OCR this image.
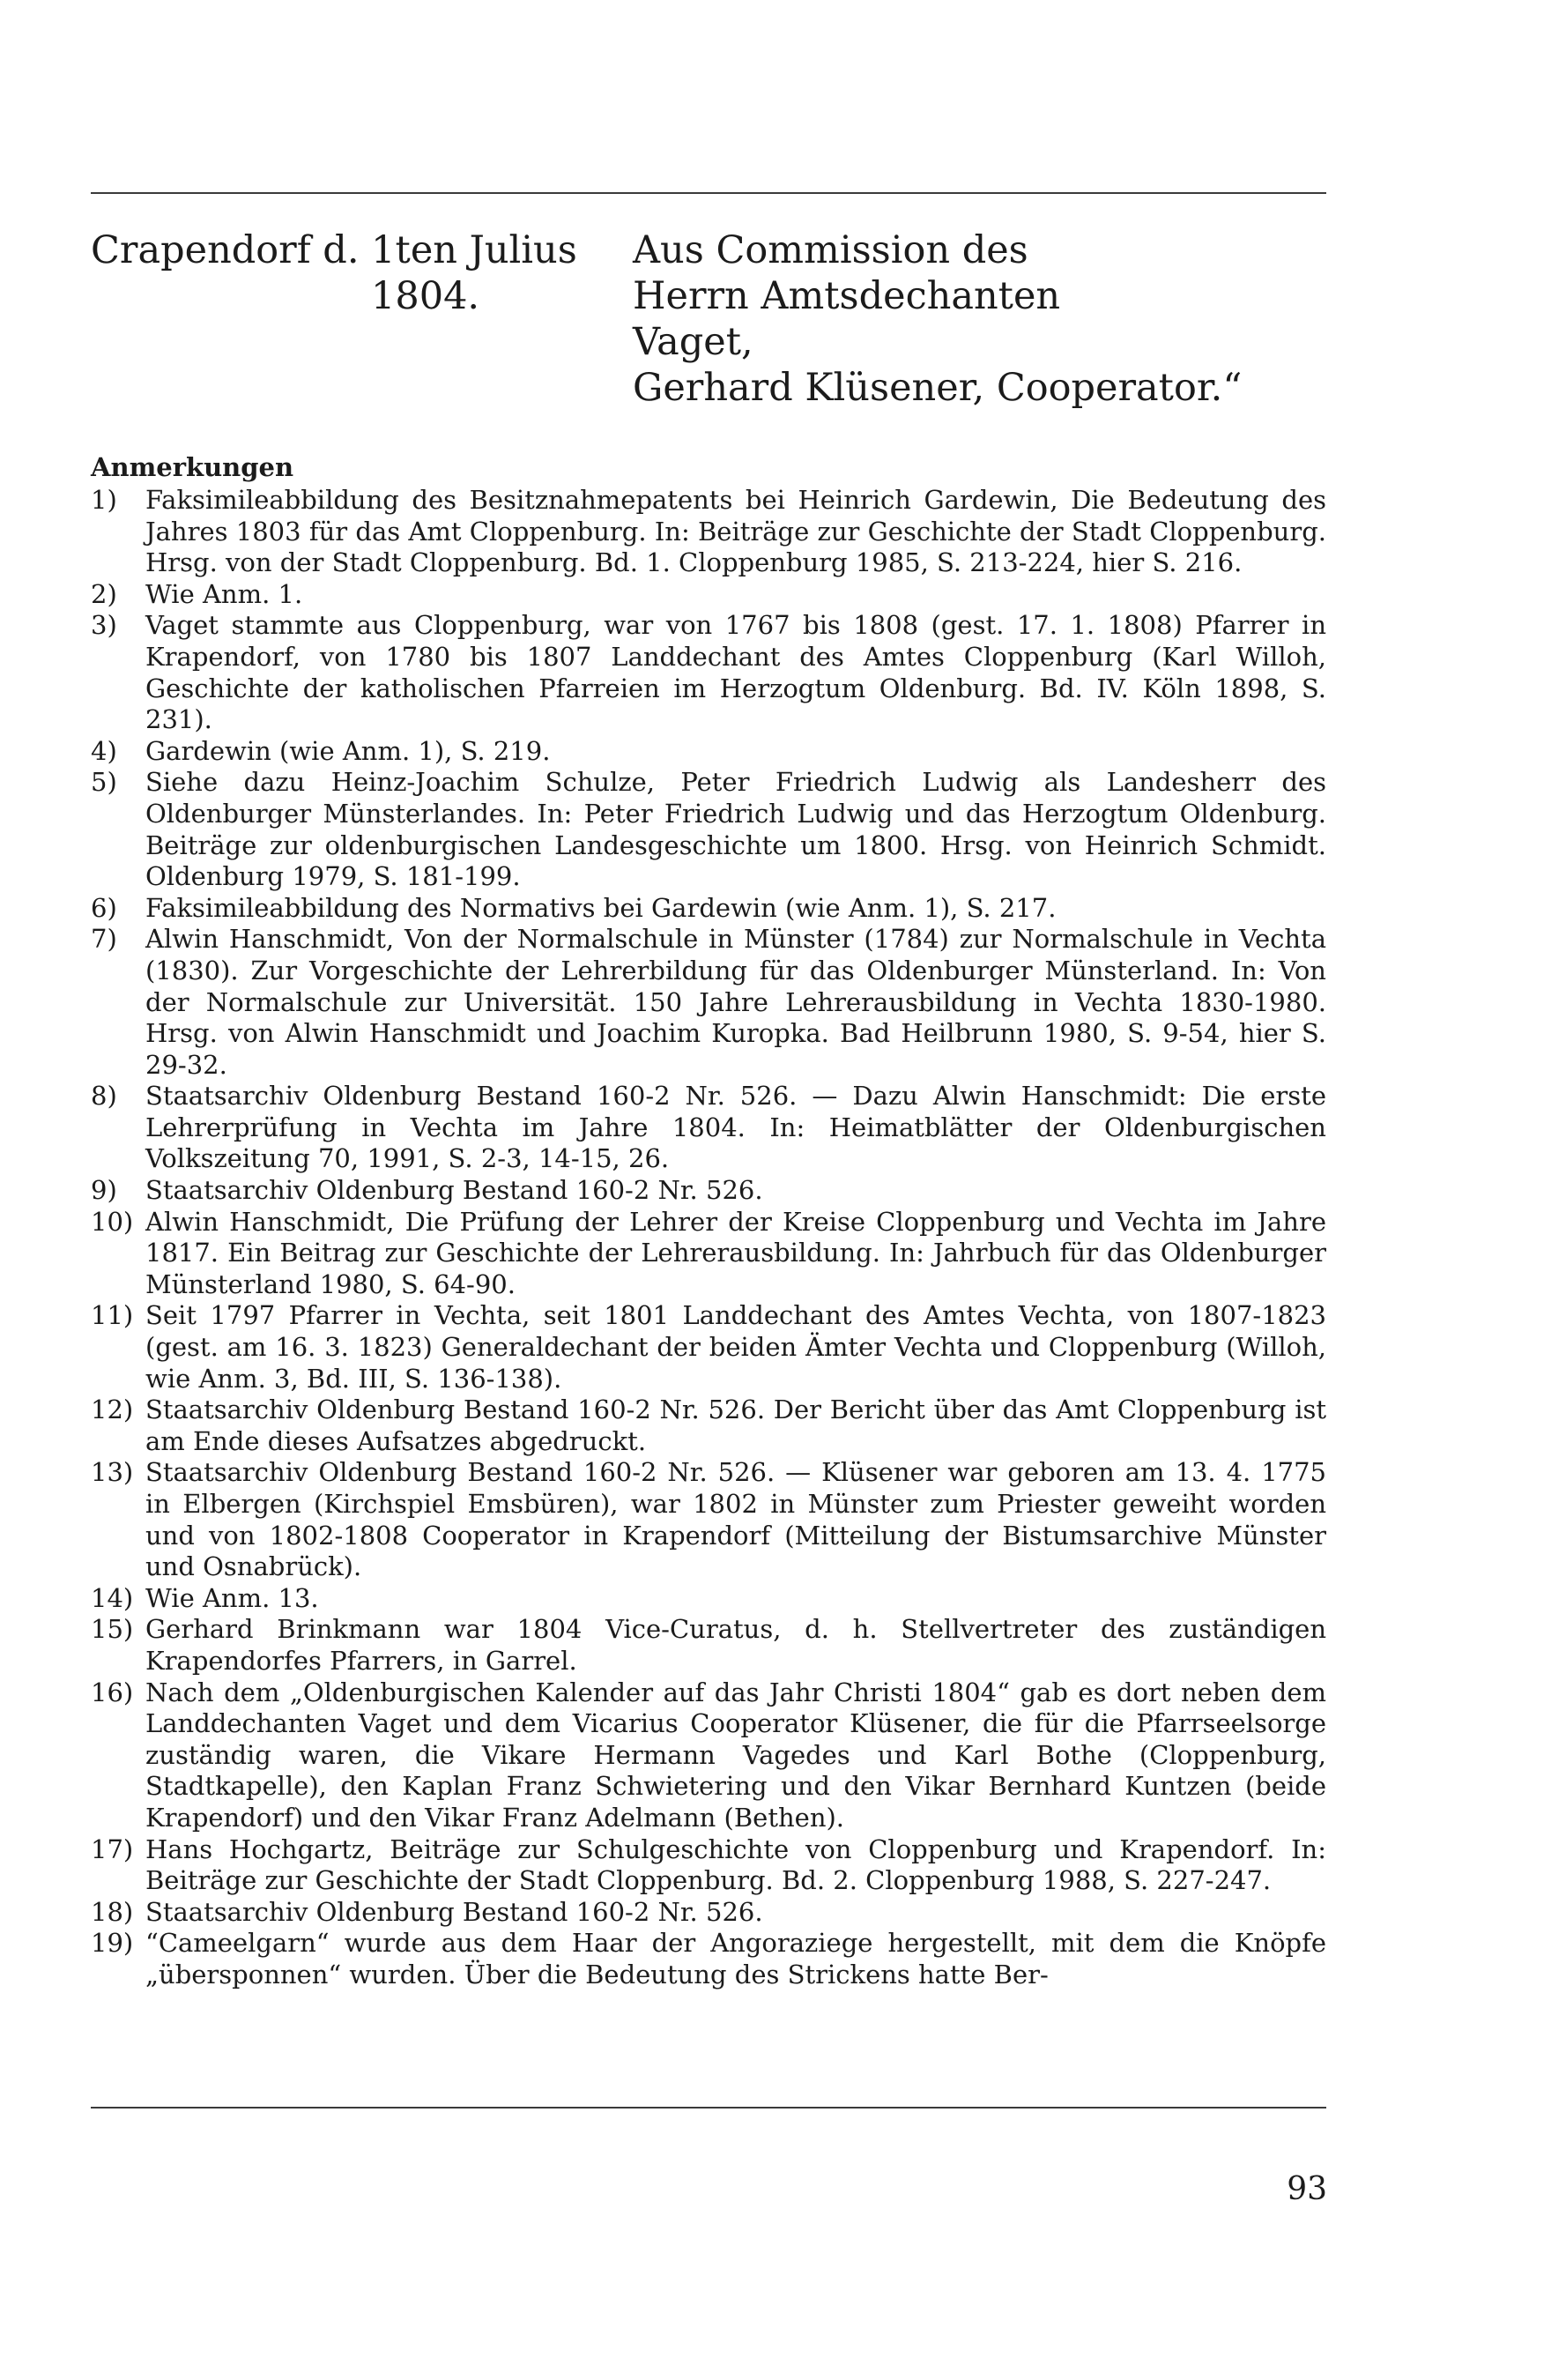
Crapendorf d. 1ten Julius
1804.
Aus Commission des
Herrn Amtsdechanten
Vaget,
Gerhard Klüsener, Cooperator.“
Anmerkungen
1) Faksimileabbildung des Besitznahmepatents bei Heinrich Gardewin, Die Bedeutung des Jahres 1803 für das Amt Cloppenburg. In: Beiträge zur Geschichte der Stadt Cloppenburg. Hrsg. von der Stadt Cloppenburg. Bd. 1. Cloppenburg 1985, S. 213-224, hier S. 216.
2) Wie Anm. 1.
3) Vaget stammte aus Cloppenburg, war von 1767 bis 1808 (gest. 17. 1. 1808) Pfarrer in Krapendorf, von 1780 bis 1807 Landdechant des Amtes Cloppenburg (Karl Willoh, Geschichte der katholischen Pfarreien im Herzogtum Oldenburg. Bd. IV. Köln 1898, S. 231).
4) Gardewin (wie Anm. 1), S. 219.
5) Siehe dazu Heinz-Joachim Schulze, Peter Friedrich Ludwig als Landesherr des Oldenburger Münsterlandes. In: Peter Friedrich Ludwig und das Herzogtum Oldenburg. Beiträge zur oldenburgischen Landesgeschichte um 1800. Hrsg. von Heinrich Schmidt. Oldenburg 1979, S. 181-199.
6) Faksimileabbildung des Normativs bei Gardewin (wie Anm. 1), S. 217.
7) Alwin Hanschmidt, Von der Normalschule in Münster (1784) zur Normalschule in Vechta (1830). Zur Vorgeschichte der Lehrerbildung für das Oldenburger Münsterland. In: Von der Normalschule zur Universität. 150 Jahre Lehrerausbildung in Vechta 1830-1980. Hrsg. von Alwin Hanschmidt und Joachim Kuropka. Bad Heilbrunn 1980, S. 9-54, hier S. 29-32.
8) Staatsarchiv Oldenburg Bestand 160-2 Nr. 526. — Dazu Alwin Hanschmidt: Die erste Lehrerprüfung in Vechta im Jahre 1804. In: Heimatblätter der Oldenburgischen Volkszeitung 70, 1991, S. 2-3, 14-15, 26.
9) Staatsarchiv Oldenburg Bestand 160-2 Nr. 526.
10) Alwin Hanschmidt, Die Prüfung der Lehrer der Kreise Cloppenburg und Vechta im Jahre 1817. Ein Beitrag zur Geschichte der Lehrerausbildung. In: Jahrbuch für das Oldenburger Münsterland 1980, S. 64-90.
11) Seit 1797 Pfarrer in Vechta, seit 1801 Landdechant des Amtes Vechta, von 1807-1823 (gest. am 16. 3. 1823) Generaldechant der beiden Ämter Vechta und Cloppenburg (Willoh, wie Anm. 3, Bd. III, S. 136-138).
12) Staatsarchiv Oldenburg Bestand 160-2 Nr. 526. Der Bericht über das Amt Cloppenburg ist am Ende dieses Aufsatzes abgedruckt.
13) Staatsarchiv Oldenburg Bestand 160-2 Nr. 526. — Klüsener war geboren am 13. 4. 1775 in Elbergen (Kirchspiel Emsbüren), war 1802 in Münster zum Priester geweiht worden und von 1802-1808 Cooperator in Krapendorf (Mitteilung der Bistumsarchive Münster und Osnabrück).
14) Wie Anm. 13.
15) Gerhard Brinkmann war 1804 Vice-Curatus, d. h. Stellvertreter des zuständigen Krapendorfes Pfarrers, in Garrel.
16) Nach dem „Oldenburgischen Kalender auf das Jahr Christi 1804“ gab es dort neben dem Landdechanten Vaget und dem Vicarius Cooperator Klüsener, die für die Pfarrseelsorge zuständig waren, die Vikare Hermann Vagedes und Karl Bothe (Cloppenburg, Stadtkapelle), den Kaplan Franz Schwietering und den Vikar Bernhard Kuntzen (beide Krapendorf) und den Vikar Franz Adelmann (Bethen).
17) Hans Hochgartz, Beiträge zur Schulgeschichte von Cloppenburg und Krapendorf. In: Beiträge zur Geschichte der Stadt Cloppenburg. Bd. 2. Cloppenburg 1988, S. 227-247.
18) Staatsarchiv Oldenburg Bestand 160-2 Nr. 526.
19) “Cameelgarn“ wurde aus dem Haar der Angoraziege hergestellt, mit dem die Knöpfe „übersponnen“ wurden. Über die Bedeutung des Strickens hatte Ber-
93
